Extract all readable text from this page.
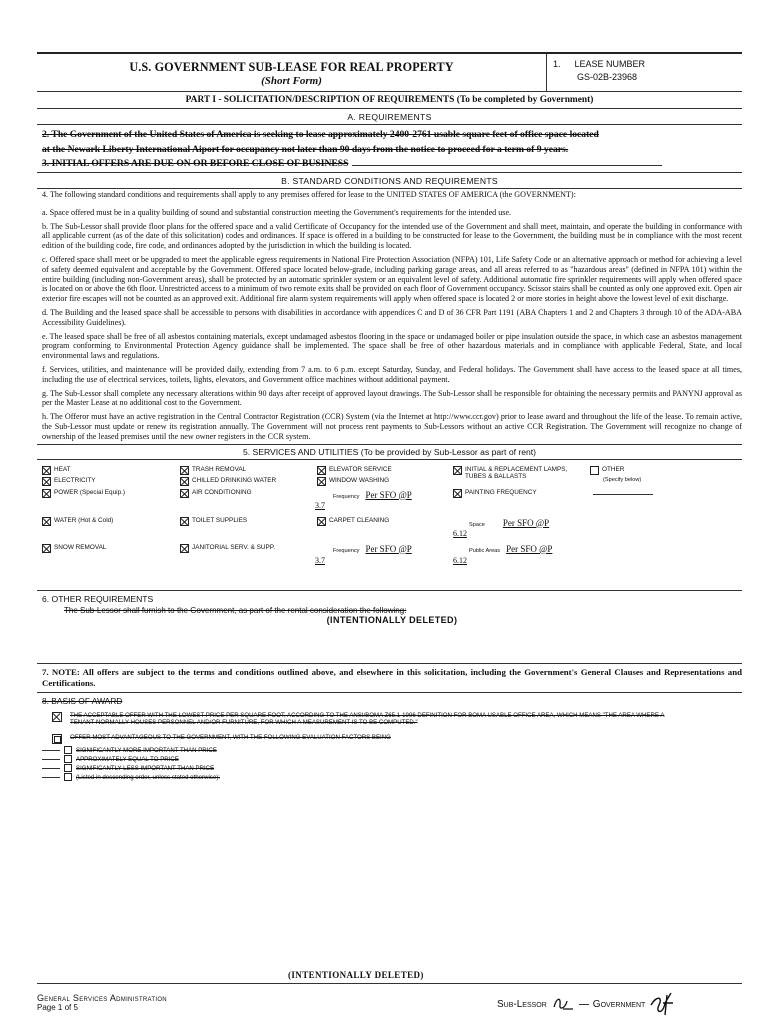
U.S. GOVERNMENT SUB-LEASE FOR REAL PROPERTY
(Short Form)
1. LEASE NUMBER
GS-02B-23968
PART I - SOLICITATION/DESCRIPTION OF REQUIREMENTS (To be completed by Government)
A. REQUIREMENTS
2. The Government of the United States of America is seeking to lease approximately 2400-2761 usable square feet of office space located
at the Newark Liberty International Aiport for occupancy not later than 90 days from the notice to proceed for a term of 9 years.
3. INITIAL OFFERS ARE DUE ON OR BEFORE CLOSE OF BUSINESS
B. STANDARD CONDITIONS AND REQUIREMENTS
4. The following standard conditions and requirements shall apply to any premises offered for lease to the UNITED STATES OF AMERICA (the GOVERNMENT):
a. Space offered must be in a quality building of sound and substantial construction meeting the Government's requirements for the intended use.
b. The Sub-Lessor shall provide floor plans for the offered space and a valid Certificate of Occupancy for the intended use of the Government and shall meet, maintain, and operate the building in conformance with all applicable current (as of the date of this solicitation) codes and ordinances. If space is offered in a building to be constructed for lease to the Government, the building must be in compliance with the most recent edition of the building code, fire code, and ordinances adopted by the jurisdiction in which the building is located.
c. Offered space shall meet or be upgraded to meet the applicable egress requirements in National Fire Protection Association (NFPA) 101, Life Safety Code or an alternative approach or method for achieving a level of safety deemed equivalent and acceptable by the Government. Offered space located below-grade, including parking garage areas, and all areas referred to as "hazardous areas" (defined in NFPA 101) within the entire building (including non-Government areas), shall be protected by an automatic sprinkler system or an equivalent level of safety. Additional automatic fire sprinkler requirements will apply when offered space is located on or above the 6th floor. Unrestricted access to a minimum of two remote exits shall be provided on each floor of Government occupancy. Scissor stairs shall be counted as only one approved exit. Open air exterior fire escapes will not be counted as an approved exit. Additional fire alarm system requirements will apply when offered space is located 2 or more stories in height above the lowest level of exit discharge.
d. The Building and the leased space shall be accessible to persons with disabilities in accordance with appendices C and D of 36 CFR Part 1191 (ABA Chapters 1 and 2 and Chapters 3 through 10 of the ADA-ABA Accessibility Guidelines).
e. The leased space shall be free of all asbestos containing materials, except undamaged asbestos flooring in the space or undamaged boiler or pipe insulation outside the space, in which case an asbestos management program conforming to Environmental Protection Agency guidance shall be implemented. The space shall be free of other hazardous materials and in compliance with applicable Federal, State, and local environmental laws and regulations.
f. Services, utilities, and maintenance will be provided daily, extending from 7 a.m. to 6 p.m. except Saturday, Sunday, and Federal holidays. The Government shall have access to the leased space at all times, including the use of electrical services, toilets, lights, elevators, and Government office machines without additional payment.
g. The Sub-Lessor shall complete any necessary alterations within 90 days after receipt of approved layout drawings. The Sub-Lessor shall be responsible for obtaining the necessary permits and PANYNJ approval as per the Master Lease at no additional cost to the Government.
h. The Offeror must have an active registration in the Central Contractor Registration (CCR) System (via the Internet at http://www.ccr.gov) prior to lease award and throughout the life of the lease. To remain active, the Sub-Lessor must update or renew its registration annually. The Government will not process rent payments to Sub-Lessors without an active CCR Registration. The Government will recognize no change of ownership of the leased premises until the new owner registers in the CCR system.
5. SERVICES AND UTILITIES (To be provided by Sub-Lessor as part of rent)
HEAT
ELECTRICITY
POWER (Special Equip.)
WATER (Hot & Cold)
SNOW REMOVAL
TRASH REMOVAL
CHILLED DRINKING WATER
AIR CONDITIONING
TOILET SUPPLIES
JANITORIAL SERV. & SUPP.
ELEVATOR SERVICE
WINDOW WASHING
Frequency Per SFO @P
3.7
CARPET CLEANING
Frequency Per SFO @P
3.7
INITIAL & REPLACEMENT LAMPS, TUBES & BALLASTS
PAINTING FREQUENCY
Space Per SFO @P
6.12
Public Areas Per SFO @P
6.12
OTHER
(Specify below)
6. OTHER REQUIREMENTS
The Sub-Lessor shall furnish to the Government, as part of the rental consideration the following:
(INTENTIONALLY DELETED)
7. NOTE: All offers are subject to the terms and conditions outlined above, and elsewhere in this solicitation, including the Government's General Clauses and Representations and Certifications.
8. BASIS OF AWARD
THE ACCEPTABLE OFFER WITH THE LOWEST PRICE PER SQUARE FOOT, ACCORDING TO THE ANSI/BOMA Z65.1-1996 DEFINITION FOR BOMA USABLE OFFICE AREA, WHICH MEANS "THE AREA WHERE A TENANT NORMALLY HOUSES PERSONNEL AND/OR FURNITURE, FOR WHICH A MEASUREMENT IS TO BE COMPUTED."
OFFER MOST ADVANTAGEOUS TO THE GOVERNMENT, WITH THE FOLLOWING EVALUATION FACTORS BEING
SIGNIFICANTLY MORE IMPORTANT THAN PRICE
APPROXIMATELY EQUAL TO PRICE
SIGNIFICANTLY LESS IMPORTANT THAN PRICE
(Listed in descending order, unless stated otherwise):
(INTENTIONALLY DELETED)
General Services Administration
Page 1 of 5	Sub-Lessor	Government
